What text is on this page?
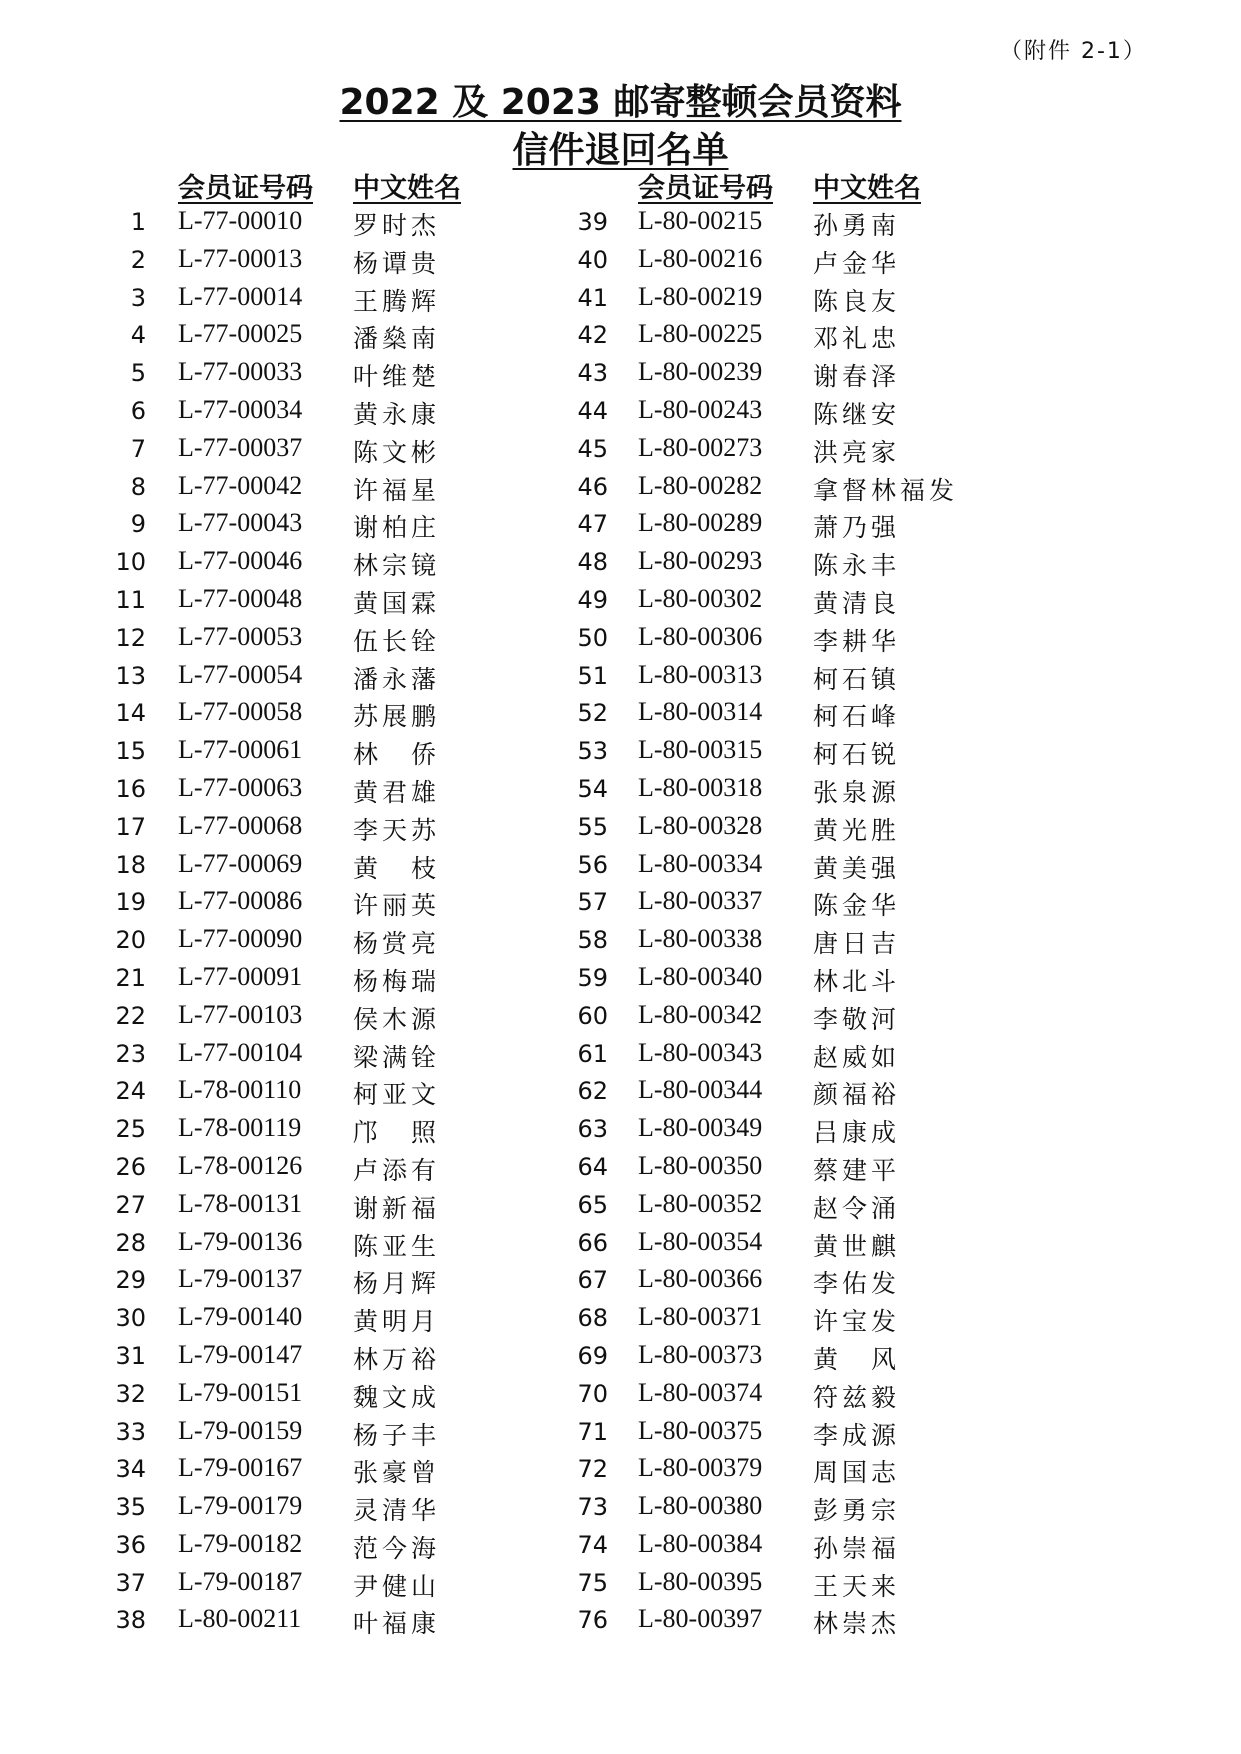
（附件 2-1）
2022 及 2023 邮寄整顿会员资料
信件退回名单
会员证号码 中文姓名
1 L-77-00010 罗时杰
2 L-77-00013 杨谭贵
3 L-77-00014 王腾辉
4 L-77-00025 潘燊南
5 L-77-00033 叶维楚
6 L-77-00034 黄永康
7 L-77-00037 陈文彬
8 L-77-00042 许福星
9 L-77-00043 谢柏庄
10 L-77-00046 林宗镜
11 L-77-00048 黄国霖
12 L-77-00053 伍长铨
13 L-77-00054 潘永藩
14 L-77-00058 苏展鹏
15 L-77-00061 林　侨
16 L-77-00063 黄君雄
17 L-77-00068 李天苏
18 L-77-00069 黄　枝
19 L-77-00086 许丽英
20 L-77-00090 杨赏亮
21 L-77-00091 杨梅瑞
22 L-77-00103 侯木源
23 L-77-00104 梁满铨
24 L-78-00110 柯亚文
25 L-78-00119 邝　照
26 L-78-00126 卢添有
27 L-78-00131 谢新福
28 L-79-00136 陈亚生
29 L-79-00137 杨月辉
30 L-79-00140 黄明月
31 L-79-00147 林万裕
32 L-79-00151 魏文成
33 L-79-00159 杨子丰
34 L-79-00167 张豪曾
35 L-79-00179 灵清华
36 L-79-00182 范今海
37 L-79-00187 尹健山
38 L-80-00211 叶福康
会员证号码 中文姓名
39 L-80-00215 孙勇南
40 L-80-00216 卢金华
41 L-80-00219 陈良友
42 L-80-00225 邓礼忠
43 L-80-00239 谢春泽
44 L-80-00243 陈继安
45 L-80-00273 洪亮家
46 L-80-00282 拿督林福发
47 L-80-00289 萧乃强
48 L-80-00293 陈永丰
49 L-80-00302 黄清良
50 L-80-00306 李耕华
51 L-80-00313 柯石镇
52 L-80-00314 柯石峰
53 L-80-00315 柯石锐
54 L-80-00318 张泉源
55 L-80-00328 黄光胜
56 L-80-00334 黄美强
57 L-80-00337 陈金华
58 L-80-00338 唐日吉
59 L-80-00340 林北斗
60 L-80-00342 李敬河
61 L-80-00343 赵威如
62 L-80-00344 颜福裕
63 L-80-00349 吕康成
64 L-80-00350 蔡建平
65 L-80-00352 赵令涌
66 L-80-00354 黄世麒
67 L-80-00366 李佑发
68 L-80-00371 许宝发
69 L-80-00373 黄　风
70 L-80-00374 符兹毅
71 L-80-00375 李成源
72 L-80-00379 周国志
73 L-80-00380 彭勇宗
74 L-80-00384 孙崇福
75 L-80-00395 王天来
76 L-80-00397 林崇杰
